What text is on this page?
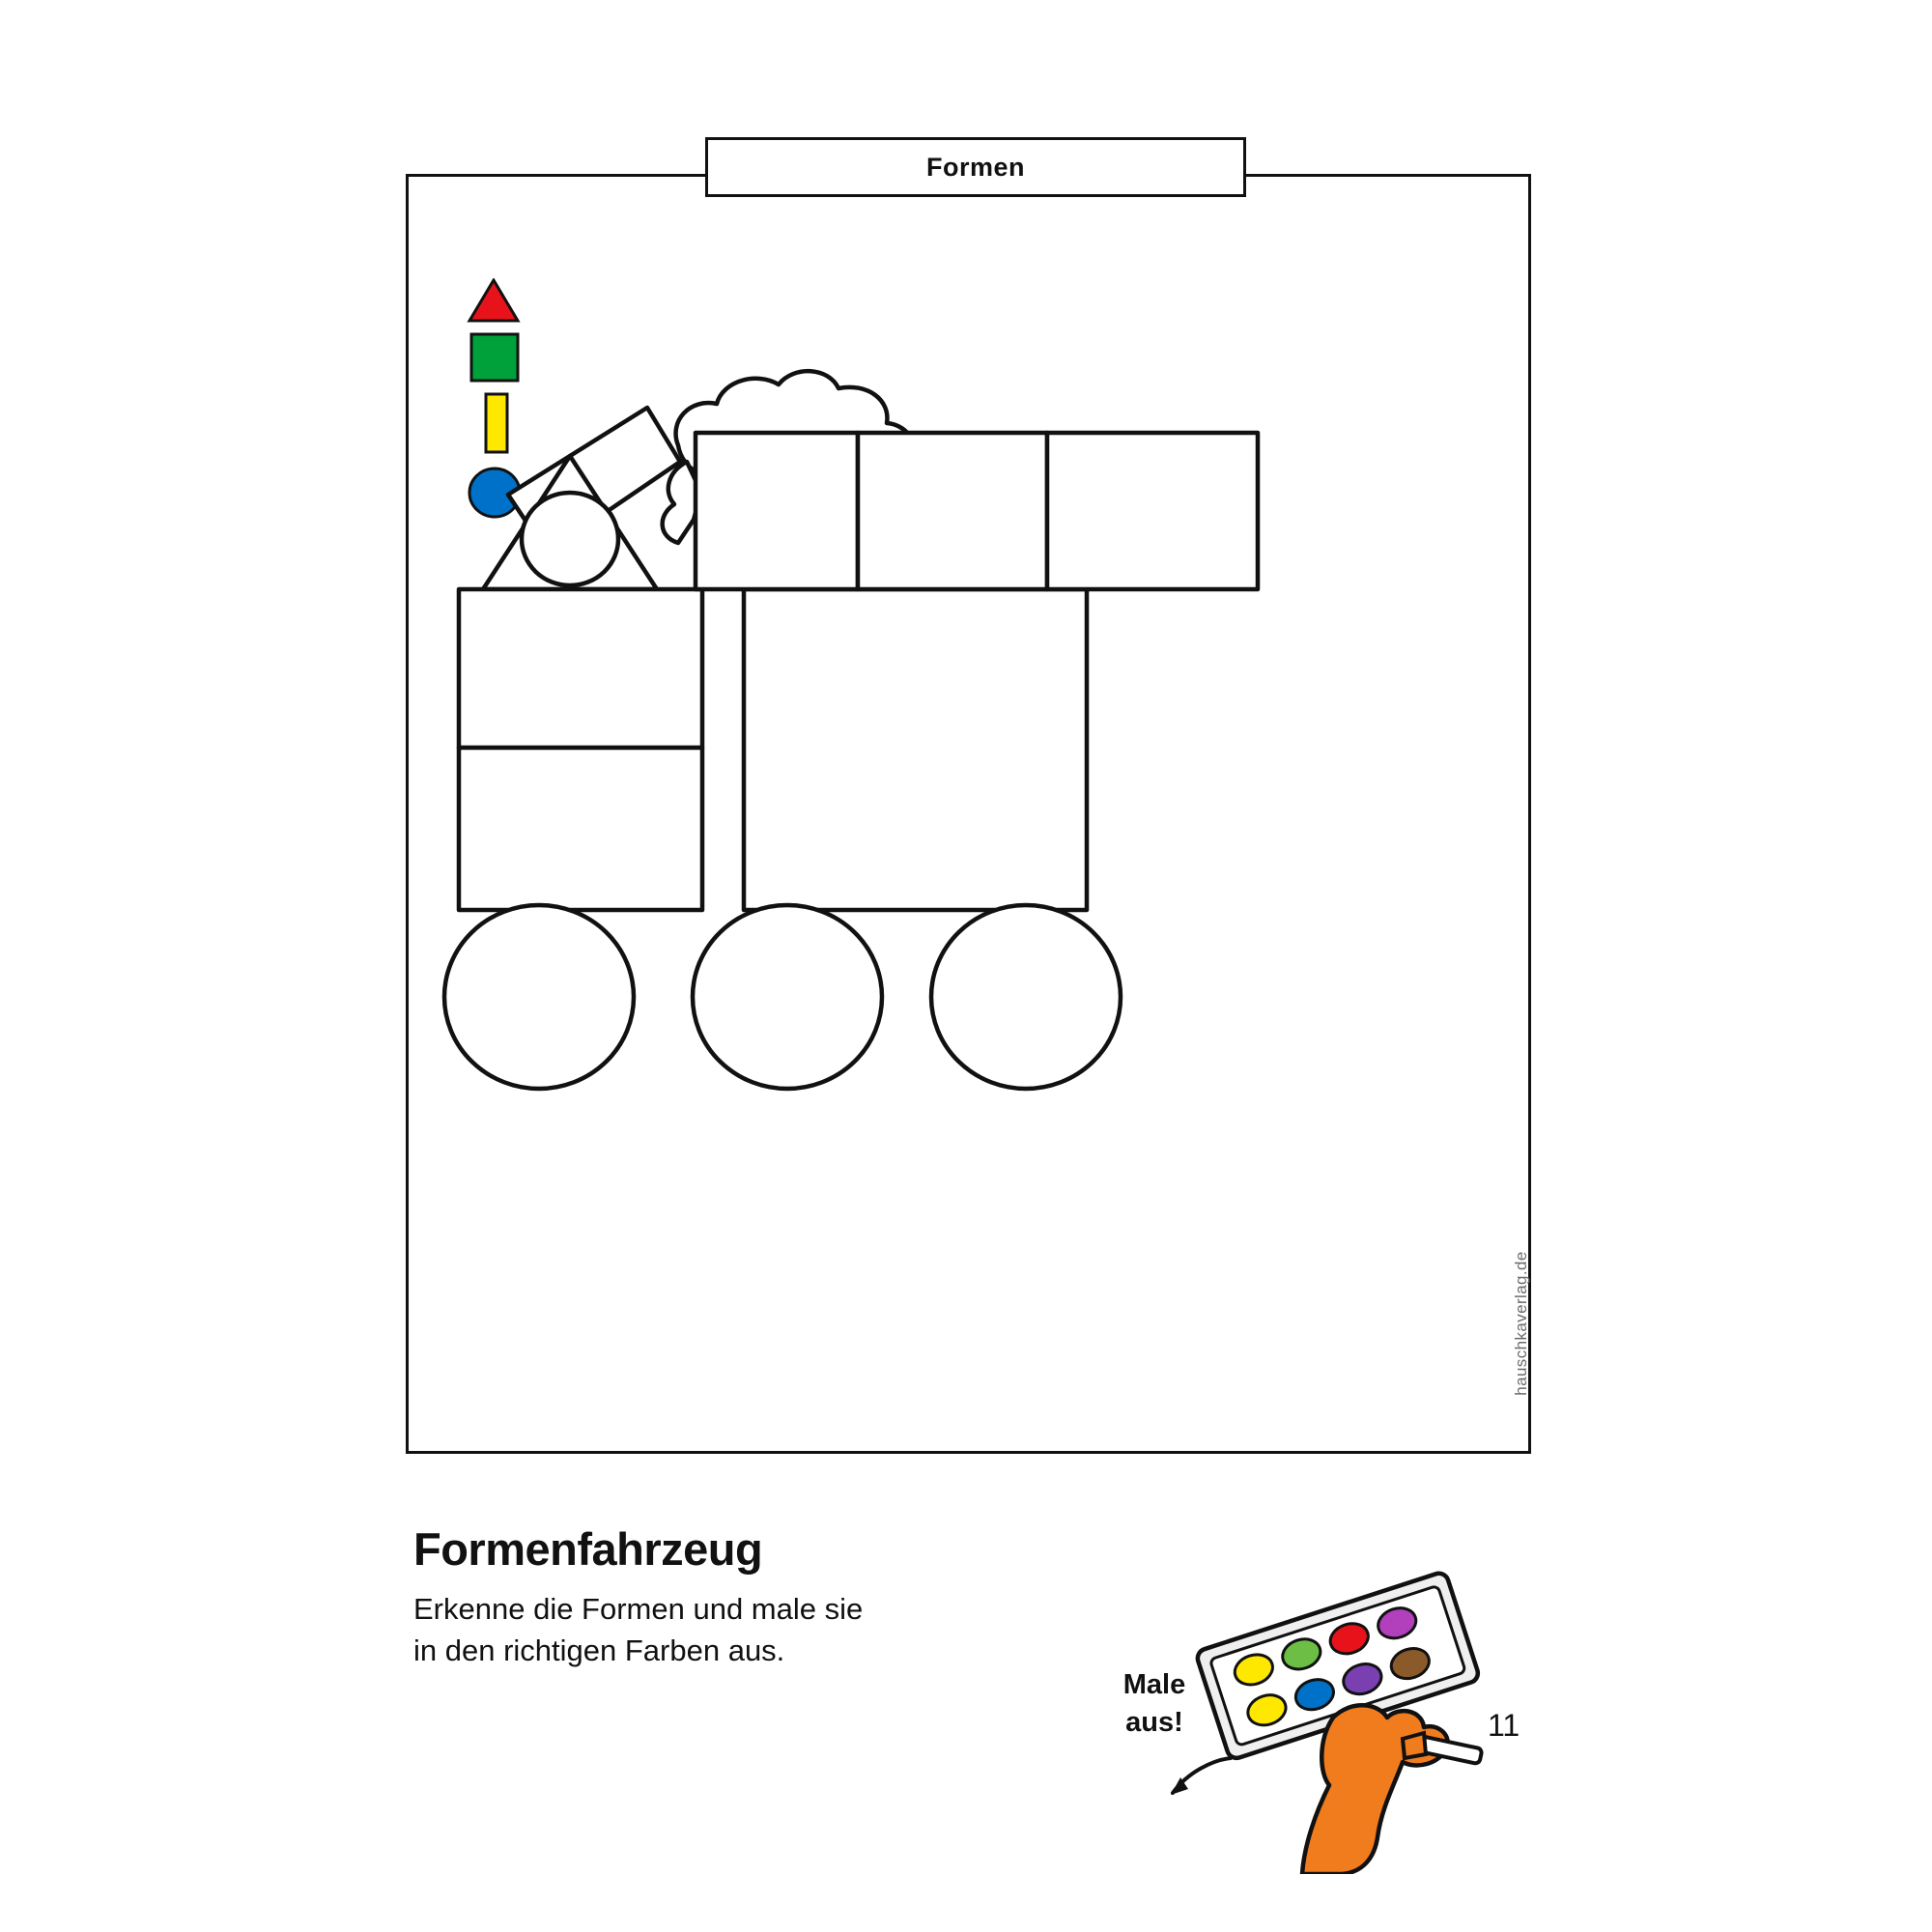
Formen
hauschkaverlag.de
Formenfahrzeug

Erkenne die Formen und male sie
in den richtigen Farben aus.

Male
aus!	11
